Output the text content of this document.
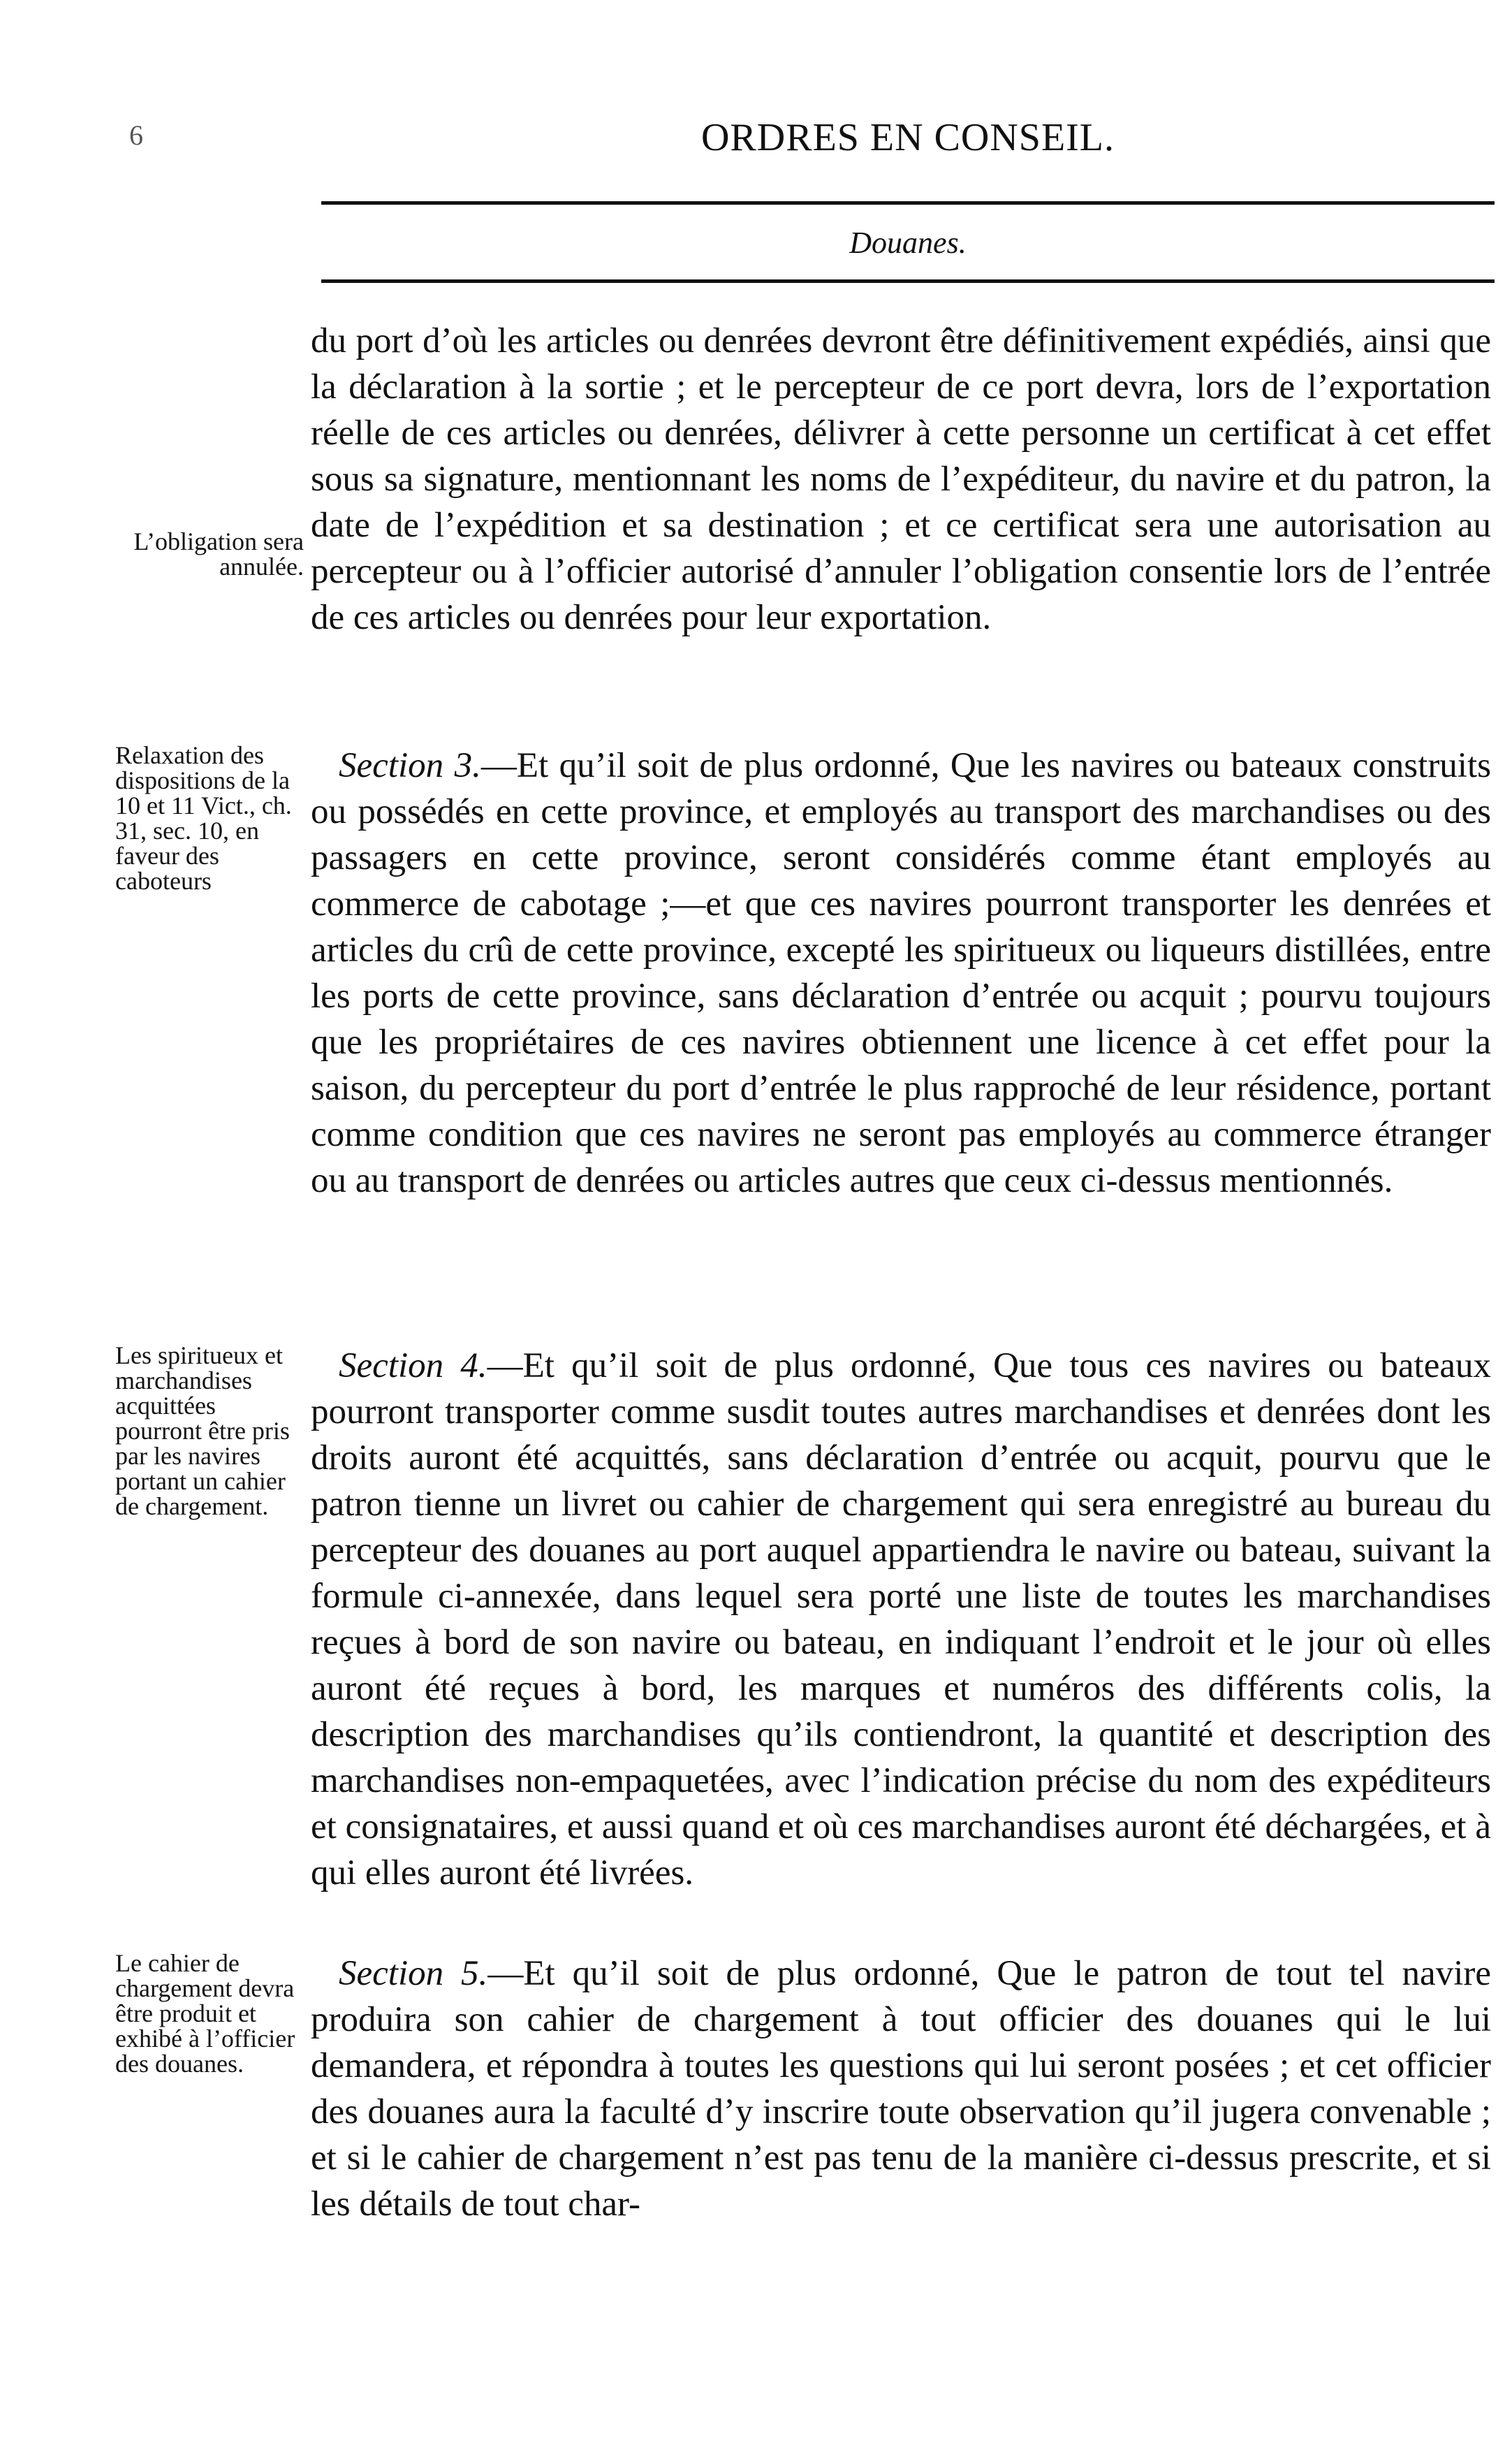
6	ORDRES EN CONSEIL.
Douanes.
L’obligation sera annulée.
du port d’où les articles ou denrées devront être définitivement expédiés, ainsi que la déclaration à la sortie ; et le percepteur de ce port devra, lors de l’exportation réelle de ces articles ou denrées, délivrer à cette personne un certificat à cet effet sous sa signature, mentionnant les noms de l’expéditeur, du navire et du patron, la date de l’expédition et sa destination ; et ce certificat sera une autorisation au percepteur ou à l’officier autorisé d’annuler l’obligation consentie lors de l’entrée de ces articles ou denrées pour leur exportation.
Relaxation des dispositions de la 10 et 11 Vict., ch. 31, sec. 10, en faveur des caboteurs
Section 3.—Et qu’il soit de plus ordonné, Que les navires ou bateaux construits ou possédés en cette province, et employés au transport des marchandises ou des passagers en cette province, seront considérés comme étant employés au commerce de cabotage ;—et que ces navires pourront transporter les denrées et articles du crû de cette province, excepté les spiritueux ou liqueurs distillées, entre les ports de cette province, sans déclaration d’entrée ou acquit ; pourvu toujours que les propriétaires de ces navires obtiennent une licence à cet effet pour la saison, du percepteur du port d’entrée le plus rapproché de leur résidence, portant comme condition que ces navires ne seront pas employés au commerce étranger ou au transport de denrées ou articles autres que ceux ci-dessus mentionnés.
Les spiritueux et marchandises acquittées pourront être pris par les navires portant un cahier de chargement.
Section 4.—Et qu’il soit de plus ordonné, Que tous ces navires ou bateaux pourront transporter comme susdit toutes autres marchandises et denrées dont les droits auront été acquittés, sans déclaration d’entrée ou acquit, pourvu que le patron tienne un livret ou cahier de chargement qui sera enregistré au bureau du percepteur des douanes au port auquel appartiendra le navire ou bateau, suivant la formule ci-annexée, dans lequel sera porté une liste de toutes les marchandises reçues à bord de son navire ou bateau, en indiquant l’endroit et le jour où elles auront été reçues à bord, les marques et numéros des différents colis, la description des marchandises qu’ils contiendront, la quantité et description des marchandises non-empaquetées, avec l’indication précise du nom des expéditeurs et consignataires, et aussi quand et où ces marchandises auront été déchargées, et à qui elles auront été livrées.
Le cahier de chargement devra être produit et exhibé à l’officier des douanes.
Section 5.—Et qu’il soit de plus ordonné, Que le patron de tout tel navire produira son cahier de chargement à tout officier des douanes qui le lui demandera, et répondra à toutes les questions qui lui seront posées ; et cet officier des douanes aura la faculté d’y inscrire toute observation qu’il jugera convenable ; et si le cahier de chargement n’est pas tenu de la manière ci-dessus prescrite, et si les détails de tout char-
